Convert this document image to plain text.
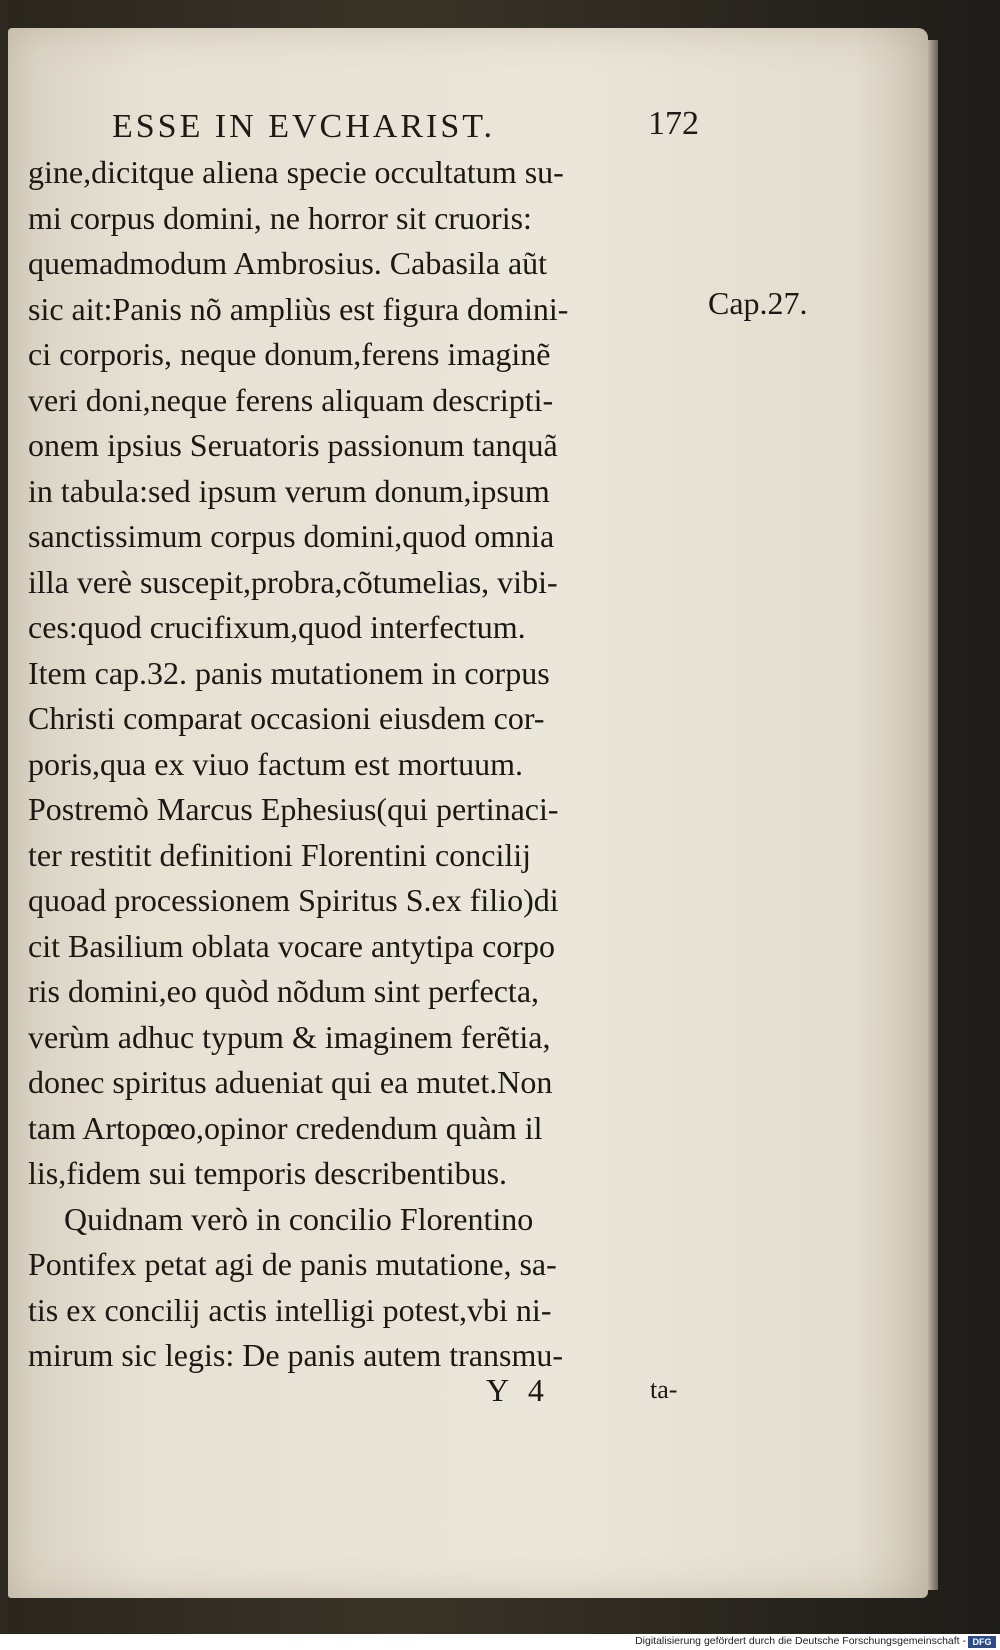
ESSE IN EVCHARIST.	172
gine,dicitque aliena specie occultatum su-
mi corpus domini, ne horror sit cruoris:
quemadmodum Ambrosius. Cabasila aũt
sic ait:Panis nõ ampliùs est figura domini-
ci corporis, neque donum,ferens imaginẽ
veri doni,neque ferens aliquam descripti-
onem ipsius Seruatoris passionum tanquã
in tabula:sed ipsum verum donum,ipsum
sanctissimum corpus domini,quod omnia
illa verè suscepit,probra,cõtumelias, vibi-
ces:quod crucifixum,quod interfectum.
Item cap.32. panis mutationem in corpus
Christi comparat occasioni eiusdem cor-
poris,qua ex viuo factum est mortuum.
Postremò Marcus Ephesius(qui pertinaci-
ter restitit definitioni Florentini concilij
quoad processionem Spiritus S.ex filio)di
cit Basilium oblata vocare antytipa corpo
ris domini,eo quòd nõdum sint perfecta,
verùm adhuc typum & imaginem ferẽtia,
donec spiritus adueniat qui ea mutet.Non
tam Artopœo,opinor credendum quàm il
lis,fidem sui temporis describentibus.
Quidnam verò in concilio Florentino
Pontifex petat agi de panis mutatione, sa-
tis ex concilij actis intelligi potest,vbi ni-
mirum sic legis: De panis autem transmu-
Cap.27.
Y 4	ta-
Digitalisierung gefördert durch die Deutsche Forschungsgemeinschaft - DFG
